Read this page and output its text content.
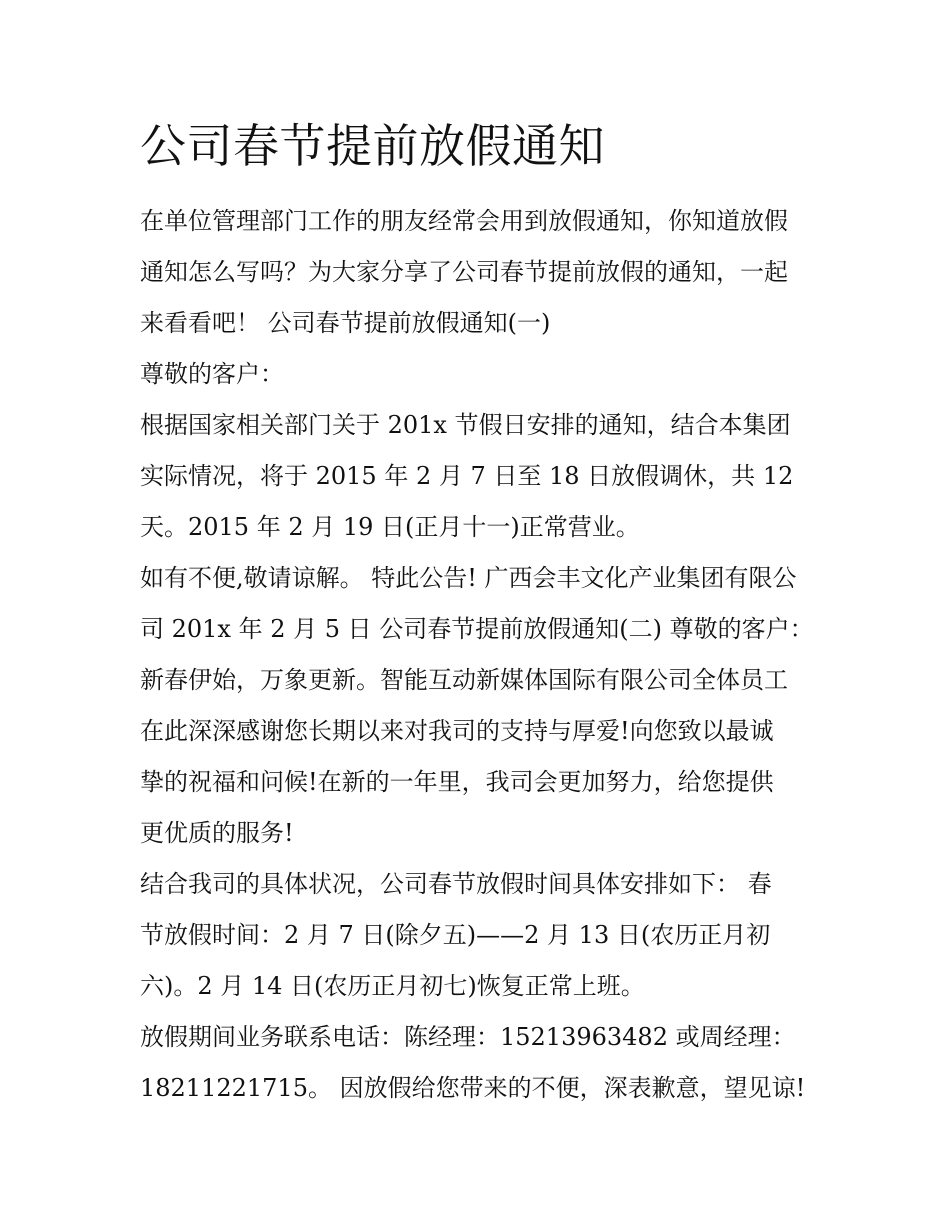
公司春节提前放假通知

在单位管理部门工作的朋友经常会用到放假通知，你知道放假

通知怎么写吗？为大家分享了公司春节提前放假的通知，一起

来看看吧！ 公司春节提前放假通知(一)

尊敬的客户：

根据国家相关部门关于 201x 节假日安排的通知，结合本集团

实际情况，将于 2015 年 2 月 7 日至 18 日放假调休，共 12

天。2015 年 2 月 19 日(正月十一)正常营业。

如有不便,敬请谅解。 特此公告! 广西会丰文化产业集团有限公

司 201x 年 2 月 5 日 公司春节提前放假通知(二) 尊敬的客户：

新春伊始，万象更新。智能互动新媒体国际有限公司全体员工

在此深深感谢您长期以来对我司的支持与厚爱!向您致以最诚

挚的祝福和问候!在新的一年里，我司会更加努力，给您提供

更优质的服务!

结合我司的具体状况，公司春节放假时间具体安排如下： 春

节放假时间：2 月 7 日(除夕五)——2 月 13 日(农历正月初

六)。2 月 14 日(农历正月初七)恢复正常上班。

放假期间业务联系电话：陈经理：15213963482 或周经理：

18211221715。 因放假给您带来的不便，深表歉意，望见谅!
